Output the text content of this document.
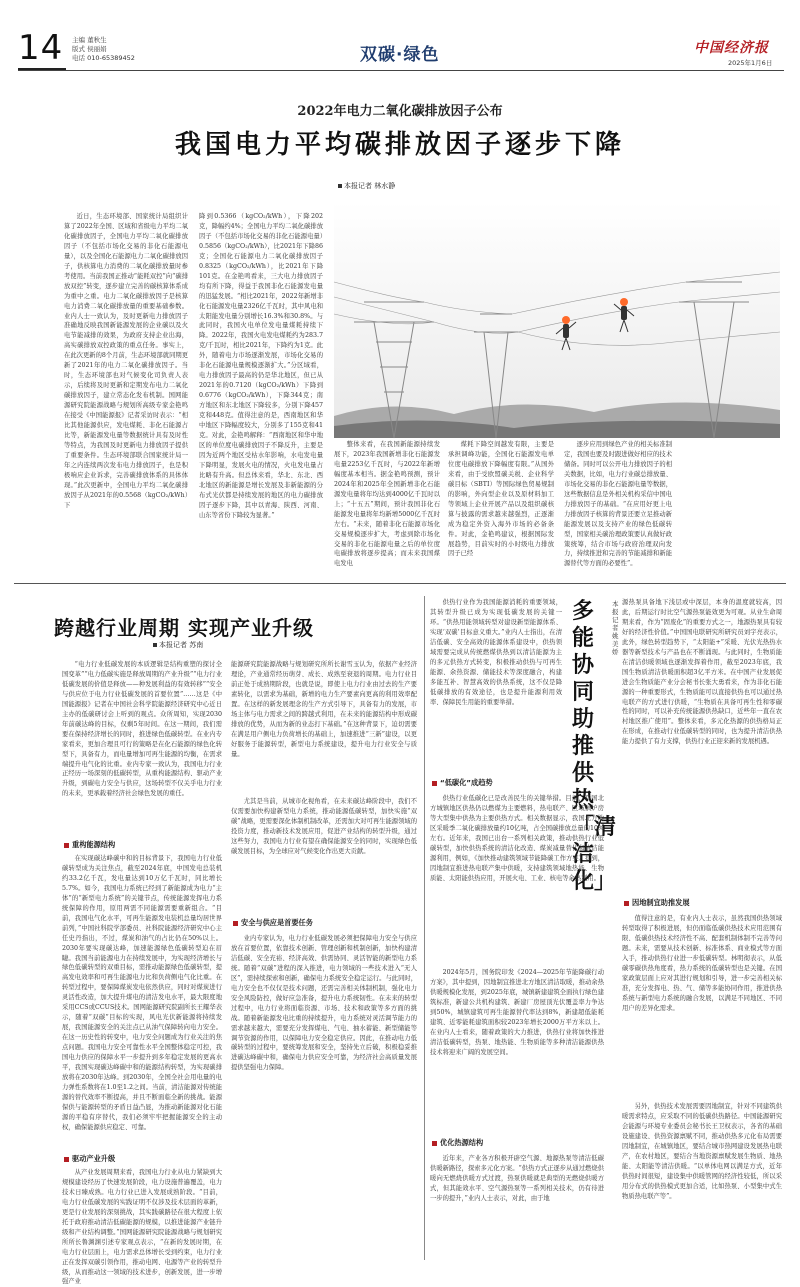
14 主编 董秋生
版式 侯丽娟
电话 010-65389452	双碳·绿色	中国经济报
2025年1月6日
2022年电力二氧化碳排放因子公布
我国电力平均碳排放因子逐步下降
本报记者 林水静
近日，生态环境部、国家统计局组织计算了2022年全国、区域和省级电力平均二氧化碳排放因子，全国电力平均二氧化碳排放因子（不包括市场化交易的非化石能源电量），以及全国化石能源电力二氧化碳排放因子，供核算电力消费的二氧化碳排放量时参考使用。当前我国正推动“能耗双控”向“碳排放双控”转变，逐步建立完善的碳核算体系成为重中之重。电力二氧化碳排放因子是核算电力消费二氧化碳排放量的重要基础参数。业内人士一致认为，及时更新电力排放因子准确地反映我国新能源发展的企业碳以及火电节能减排的效果，为政府支持企业出海，高实碳排放双控政策的重点任务。事实上，在此次更新的8个月前，生态环境部就同期更新了2021年的电力二氧化碳排放因子。当时，生态环境部也对气候变化司负责人表示，后续将及时更新和定期发布电力二氧化碳排放因子，建立常态化发布机制。国网能源研究院能源战略与规划所高级专家金艳鸣在接受《中国能源报》记者采访时表示：“相比其他能源供应，发电煤耗、非化石能源占比等，新能源发电量等数据统计具有及时性等特点，为我国及时更新电力排放因子提供了重要条件。生态环境部联合国家统计局一年之内连续两次发布电力排放因子，也是积极响应企业诉求，完善碳排放体系的具体体现。”此次更新中，全国电力平均二氧化碳排放因子从2021年的0.5568（kgCO₂/kWh）下
降到0.5366（kgCO₂/kWh），下降202克，降幅约4%；全国电力平均二氧化碳排放因子（不包括市场化交易的非化石能源电量）0.5856（kgCO₂/kWh），比2021年下降86克；全国化石能源电力二氧化碳排放因子0.8325（kgCO₂/kWh），比2021年下降101克。在金艳鸣看来，三大电力排放因子均有所下降，得益于我国非化石能源发电量的迅猛发展。“相比2021年，2022年新增非化石能源发电量2326亿千瓦时，其中风电和太阳能发电量分别增长16.3%和30.8%。与此同时，我国火电单位发电量煤耗持续下降。2022年，我国火电发电煤耗约为283.7克/千瓦时，相比2021年，下降约为1克。此外，随着电力市场逐渐发展，市场化交易的非化石能源电量规模逐渐扩大。”分区域看，电力排放因子最高的仍是华北地区，但已从2021年的0.7120（kgCO₂/kWh）下降到0.6776（kgCO₂/kWh），下降344克；南方地区和东北地区下降较多，分别下降457克和448克。值得注意的是，西南地区和华中地区下降幅度较大，分别多了155克和41克。对此，金艳鸣解释：“西南地区和华中地区的单位度电碳排放因子不降反升，主要是因为近两个地区受枯水年影响，水电发电量下降明显，发展火电的情况，火电发电量占比略有升高。但总体来看，华北、东北、西北地区的新能源是增长发展及非新能源的分布式光伏都是持续发展的地区的电力碳排放因子逐步下降，其中以青海、陕西、河南、山东等省份下降较为显著。”
整体来看，在我国新能源持续发展下，2023年我国新增非化石能源发电量2253亿千瓦时，与2022年新增幅度基本相当。据金艳鸣预测，预计2024年和2025年全国新增非化石能源发电量将年均达到4000亿千瓦时以上；“十五五”期间，预计我国非化石能源发电量将年均新增5000亿千瓦时左右。“未来，随着非化石能源市场化交易规模逐步扩大，考虑到除市场化交易的非化石能源电量之后的单位度电碳排放将逐步提高；而未来我国煤电发电
煤耗下降空间越发有限，主要是承担调峰功能，全国化石能源发电单位度电碳排放下降幅度有限。”从国外来看，由于受欧盟碳关税、企业科学碳目标（SBTI）等国际绿色贸易规制的影响，外向型企业以及原材料加工等领域上企业开展产品以及组织碳核算与披露的需求越来越强烈，正逐渐成为稳定外资入海外市场的必备条件。对此，金艳鸣建议，根据国际发展趋势，目前实时的小时级电力排放因子已经
逐步应用到绿色产业的相关标准制定，我国也要及时跟进做好相应的技术储备。同时可以公开电力排放因子的相关数据，比如，电力行业碳总排放量、市场化交易的非化石能源电量等数据，这些数据信息是外相关机构采信中国电力排放因子的基础。“在应用好更上电力排放因子核算的背景还要立足推动新能源发展以及支持产业的绿色低碳转型，国家相关碳治理政策要认真做好政策统筹，结合市场与政府治理双向发力，持续推进和完善的节能减排和新能源替代等方面的必要性”。
跨越行业周期 实现产业升级
本报记者 苏南
“电力行业低碳发展的本质逻辑是结构重塑的探讨全国变革”“电力低碳实施是释放周期的产业升级”“电力行业低碳发展的价值是释放——种发展利益的有效转移”“安全与供应位于电力行业低碳发展的首要位置”……这是《中国能源报》记者在中国社会科学院能源经济研究中心近日主办的低碳研讨会上听到的观点。众所周知，实现2030年前碳达峰的目标，仅剩5年时间。在这一期间，我们需要在保持经济增长的同时，推进绿色低碳转型。在业内专家看来，更加合理且可行的策略是在化石能源的绿色化转型下，具备有力，而电量增加可再生能源的均衡，在需求端提升电气化的比重。业内专家一致认为，我国电力行业正经历一场深刻的低碳转型，从重构能源结构、驱动产业升级，到碳电力安全与供应，这场转型不仅关乎电力行业的未来，更承载着经济社会绿色发展的重任。
重构能源结构
在实现碳达峰碳中和的目标背景下，我国电力行业低碳转型成为关注焦点，截至2024年底，中国发电总装机约33.2亿千瓦，发电量达到10万亿千瓦时，同比增长5.7%。如今，我国电力系统已经到了新能源成为电力“主体”的“新型电力系统”的关键节点，传统能源发挥电力系统保障的作用，原用两需不同能源需要重新组合。“目前，我国电气化水平，可再生能源发电装机总量均居世界前列，”中国社科院学部委员、社科院能源经济研究中心主任史丹指出，不过，煤炭和油气的占比仍在50%以上。2030年要实现碳达峰，加速能源绿色低碳转型迫在眉睫。我国当前能源电力在持续发展中，为实现经济增长与绿色低碳转型的双重目标，需推动能源绿色低碳转型，提高发电效率和可再生能源电力比和负荷侧电气化比重。在转型过程中，要保障煤炭发电依然供应，同时对煤炭进行灵活性改造，加大提升煤电的清洁发电水平，最大限度地采用CCS或CCUS技术。国网能源研究院副所长王耀华表示，随着“双碳”目标的实现，风电光伏新能源将持续发展，我国能源安全的关注点已从油气保障转向电力安全。在这一历史性的转变中，电力安全问题成为行业关注的焦点问题。我国电力安全可靠性水平全国整体稳定可控，我国电力供应的保障水平一步提升到多年稳定发展的更高水平，我国实现碳达峰碳中和的能源结构转型，为实现碳排放将在2030年达峰。到2030年，全国全社会用电量的电力弹性系数将在1.0至1.2之间。当前，清洁能源对传统能源的替代效率不断提高，并且不断面临全新的挑战。能源保供与能源转型的矛盾日益凸显，为推动新能源对化石能源的平稳有序替代，我们必须牢牢把握能源安全的主动权，确保能源供应稳定、可靠。
驱动产业升级
从产业发展周期来看，我国电力行业从电力紧缺到大规模建设经历了快速发展阶段，电力设施普遍覆盖，电力技术日臻成熟。电力行业已进入发展成熟阶段。“目前，电力行业低碳发展的实践证明不仅涉及技术层面的革新，更是行业发展的深刻挑战，其实践碳路径在很大程度上依托于政府推动清洁低碳能源的规模，以推进能源产业链升级和产业结构调整。”国网能源研究院能源战略与规划研究所所长鲁渊渊引述专家观点表示，“在新的发展时期，在电力行业层面上，电力需求总体增长受到约束，电力行业正在发挥双碳引领作用，推动电网、电源等产业的转型升级，从而推动这一领域的技术进步，创新发展，进一步增强产业
能源研究院能源战略与规划研究所所长谢雪玉认为，依据产业经济理论，产业通常经历萌芽、成长、成熟至衰退的周期。电力行业目前正处于成熟期阶段，也就是说，即使上电力行业由过去的生产要素转化，以需求为基础，新增的电力生产要素向更高的利用效率配置。在这样的新发展理念的生产方式引导下，具备有力的发展，市场主体与电力需求之间的跨越式利用，在未来的能源结构中形成碳排放的优势，从而为新的业态打下基础。”在这种背景下，迫切需要在满足用户侧电力负荷增长的基础上，加速推进“三新”建设，以更好服务于能源转型，新型电力系统建设，提升电力行业安全与质量。
尤其是当前，从城市化视角看，在未来碳达峰阶段中，我们不仅需要加快构建新型电力系统，推动能源低碳转型，加快实施“双碳”战略，更需要深化体制机制改革，还需加大对可再生能源领域的投资力度，推动新技术发展应用，促进产业结构的转型升级，通过这些努力，我国电力行业有望在确保能源安全的同时，实现绿色低碳发展目标，为全球应对气候变化作出更大贡献。
安全与供应是首要任务
业内专家认为，电力行业低碳发展必须把保障电力安全与供应放在首要位置，依靠技术创新、管理创新和机制创新，加快构建清洁低碳、安全充裕、经济高效、供需协同、灵活智能的新型电力系统。随着“双碳”进程的深入推进，电力领域的一些技术进入“无人区”，需持续探索和创新，确保电力系统安全稳定运行。与此同时，电力安全也不仅仅是技术问题，还需完善相关体制机制，强化电力安全风险防控，做好应急准备，提升电力系统韧性。在未来的转型过程中，电力行业将面临资源、市场、技术和政策等多方面的挑战。随着新能源发电比重的持续提升，电力系统对灵活调节能力的需求越来越大，需要充分发挥煤电、气电、抽水蓄能、新型储能等调节资源的作用，以保障电力安全稳定供应。因此，在推动电力低碳转型的过程中，要统筹发展和安全，坚持先立后破，积极稳妥推进碳达峰碳中和，确保电力供应安全可靠，为经济社会高质量发展提供坚强电力保障。
多能协同助推供热「清洁化」
本报记者 姚美娇
供热行业作为我国能源消耗的重要领域，其转型升级已成为实现低碳发展的关键一环。“供热用能领域转型对建设新型能源体系、实现‘双碳’目标意义重大。”业内人士指出，在清洁低碳、安全高效的能源体系建设中，供热领域需要完成从传统燃煤供热到以清洁能源为主的多元供热方式转变，积极推动供热与可再生能源、余热资源、储能技术等深度融合，构建多能互补、智慧高效的供热系统，这不仅是降低碳排放的有效途径，也是提升能源利用效率、保障民生用能的重要举措。
“低碳化”成趋势
供热行业低碳化已是改善民生的关键举措。目前，我国北方城镇地区供热仍以燃煤为主要燃料，热电联产、区域锅炉房等大型集中供热为主要供热方式。相关数据显示，我国北方地区采暖季二氧化碳排放量约10亿吨，占全国碳排放总量的10%左右。近年来，我国已出台一系列相关政策，推动供热行业低碳转型，加快供热系统的清洁化改造、煤炭减量替代和清洁能源利用，例如，《加快推动建筑领域节能降碳工作方案》提到，因地制宜推进热电联产集中供暖，支持建筑领域地热能、生物质能、太阳能供热应用，开展火电、工业、核电等余热利用。
2024年5月，国务院印发《2024—2025年节能降碳行动方案》，其中提到，因地制宜推进北方地区清洁取暖，推动余热供暖规模化发展，到2025年底，城镇新建建筑全面执行绿色建筑标准，新建公共机构建筑、新建厂房屋顶光伏覆盖率力争达到50%，城镇建筑可再生能源替代率达到8%，新建超低能耗建筑、近零能耗建筑面积较2023年增长2000万平方米以上。在业内人士看来，随着政策的大力推进，供热行业将加快推进清洁低碳转型，热泵、地热能、生物质能等多种清洁能源供热技术将迎来广阔的发展空间。
优化热源结构
近年来，产业各方积极开辟空气源、地源热泵等清洁低碳供暖新路径，探索多元化方案。“供热方式正逐步从通过燃烧供暖向无燃烧供暖方式过渡，热泵供暖就是典型的无燃烧供暖方式，但其能效水平、空气源热泵等一系列相关技术，仍有待进一步的提升，”业内人士表示，对此，由于地
源热泵具备地下浅层或中深层，本身的温度就较高，因此，后期运行时比空气源热泵能效更为可观。从业生命周期来看，作为“固废化”的重要方式之一，地源热泵具有较好的经济性价值。”中国国电联研究所研究员刘宇亮表示，此外，绿色转型趋势下，“太阳能+”采暖、光伏光热热水器等新型技术与产品也在不断涌现。与此同时，生物质能在清洁供暖领域也逐渐发挥着作用，截至2023年底，我国生物质清洁供暖面积超3亿平方米。在中国产业发展促进会生物质能产业分会秘书长张大勇看来，作为非化石能源的一种重要形式，生物质能可以直接供热也可以通过热电联产的方式进行供暖，“生物质在具备可再生性和零碳性的同时，可以补充传统能源供热缺口，近些年一直在农村地区推广使用”。整体来看，多元化热源的供热格局正在形成，在推动行业低碳转型的同时，也为提升清洁供热能力提供了有力支撑，供热行业正迎来新的发展机遇。
因地制宜助推发展
值得注意的是，有业内人士表示，虽然我国供热领域转型取得了积极进展，但仍面临低碳供热技术应用范围有限、低碳供热技术经济性不高、配套机制体制不完善等问题。未来，需要从技术创新、标准体系、商业模式等方面入手，推动供热行业进一步低碳转型。林明彻表示，从低碳零碳供热角度看，热力系统的低碳转型也是关键。在国家政策层面上应对其进行规划和引导，进一步完善相关标准，充分发挥电、热、气、储等多能协同作用，推进供热系统与新型电力系统的融合发展，以满足不同地区、不同用户的差异化需求。
另外，供热技术发展需要因地制宜，针对不同建筑供暖需求特点，应采取不同的低碳供热路径。中国能源研究会能源与环境专业委员会秘书长王卫权表示，各省的基础设施建设、供热资源禀赋不同，推动供热多元化布局需要因地制宜，在城镇地区，要结合城市热网建设发展热电联产，在农村地区，要结合当地资源禀赋发展生物质、地热能、太阳能等清洁供暖。“以单体电网以满足方式，近年供热时间很短，建设集中供暖管网的经济性较低，所以采用分布式的供热模式更加合适，比如热泵、小型集中式生物质热电联产等”。
